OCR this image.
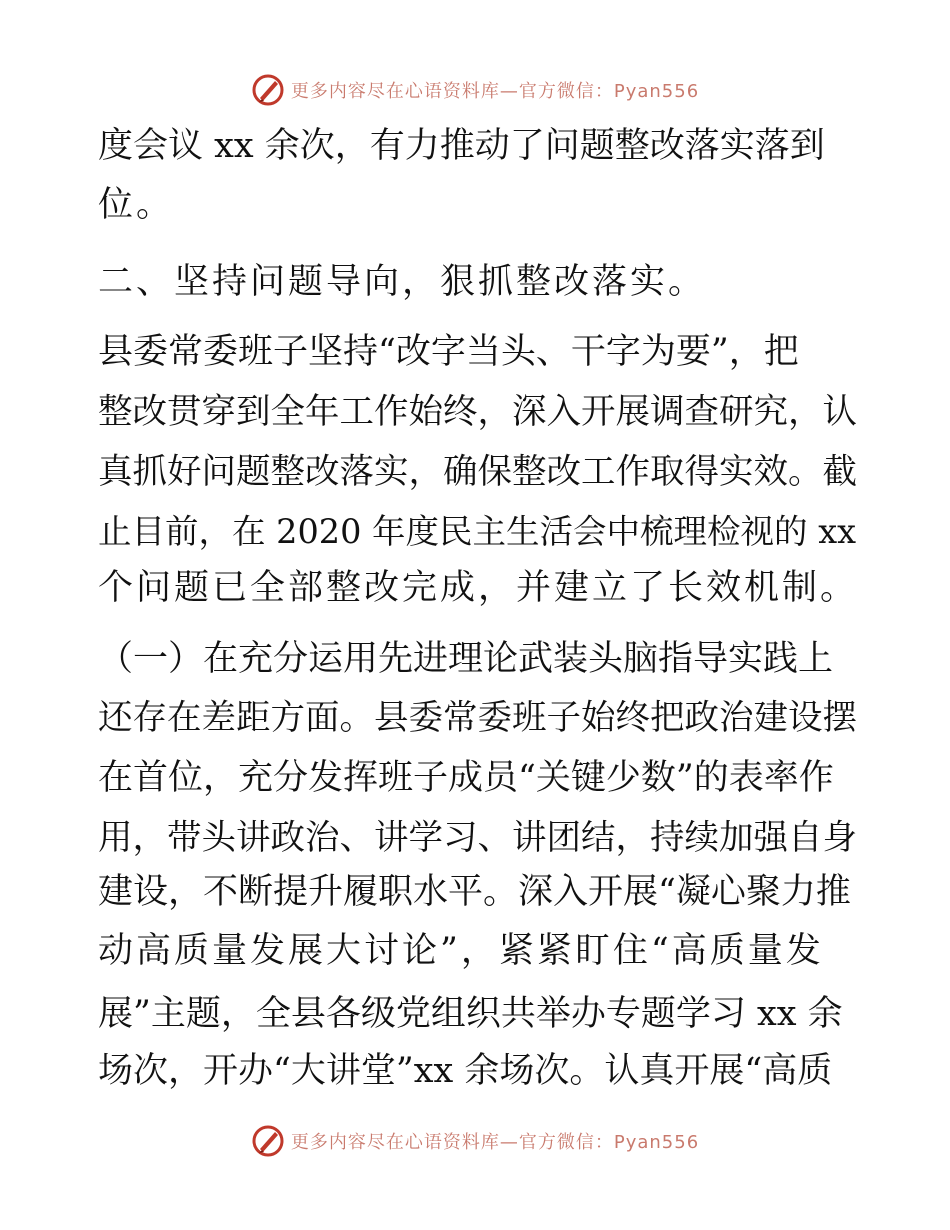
更多内容尽在心语资料库—官方微信：Pyan556
度会议 xx 余次，有力推动了问题整改落实落到
位。
二、坚持问题导向，狠抓整改落实。
县委常委班子坚持“改字当头、干字为要”，把
整改贯穿到全年工作始终，深入开展调查研究，认
真抓好问题整改落实，确保整改工作取得实效。截
止目前，在 2020 年度民主生活会中梳理检视的 xx
个问题已全部整改完成，并建立了长效机制。
（一）在充分运用先进理论武装头脑指导实践上
还存在差距方面。县委常委班子始终把政治建设摆
在首位，充分发挥班子成员“关键少数”的表率作
用，带头讲政治、讲学习、讲团结，持续加强自身
建设，不断提升履职水平。深入开展“凝心聚力推
动高质量发展大讨论”，紧紧盯住“高质量发
展”主题，全县各级党组织共举办专题学习 xx 余
场次，开办“大讲堂”xx 余场次。认真开展“高质
更多内容尽在心语资料库—官方微信：Pyan556
